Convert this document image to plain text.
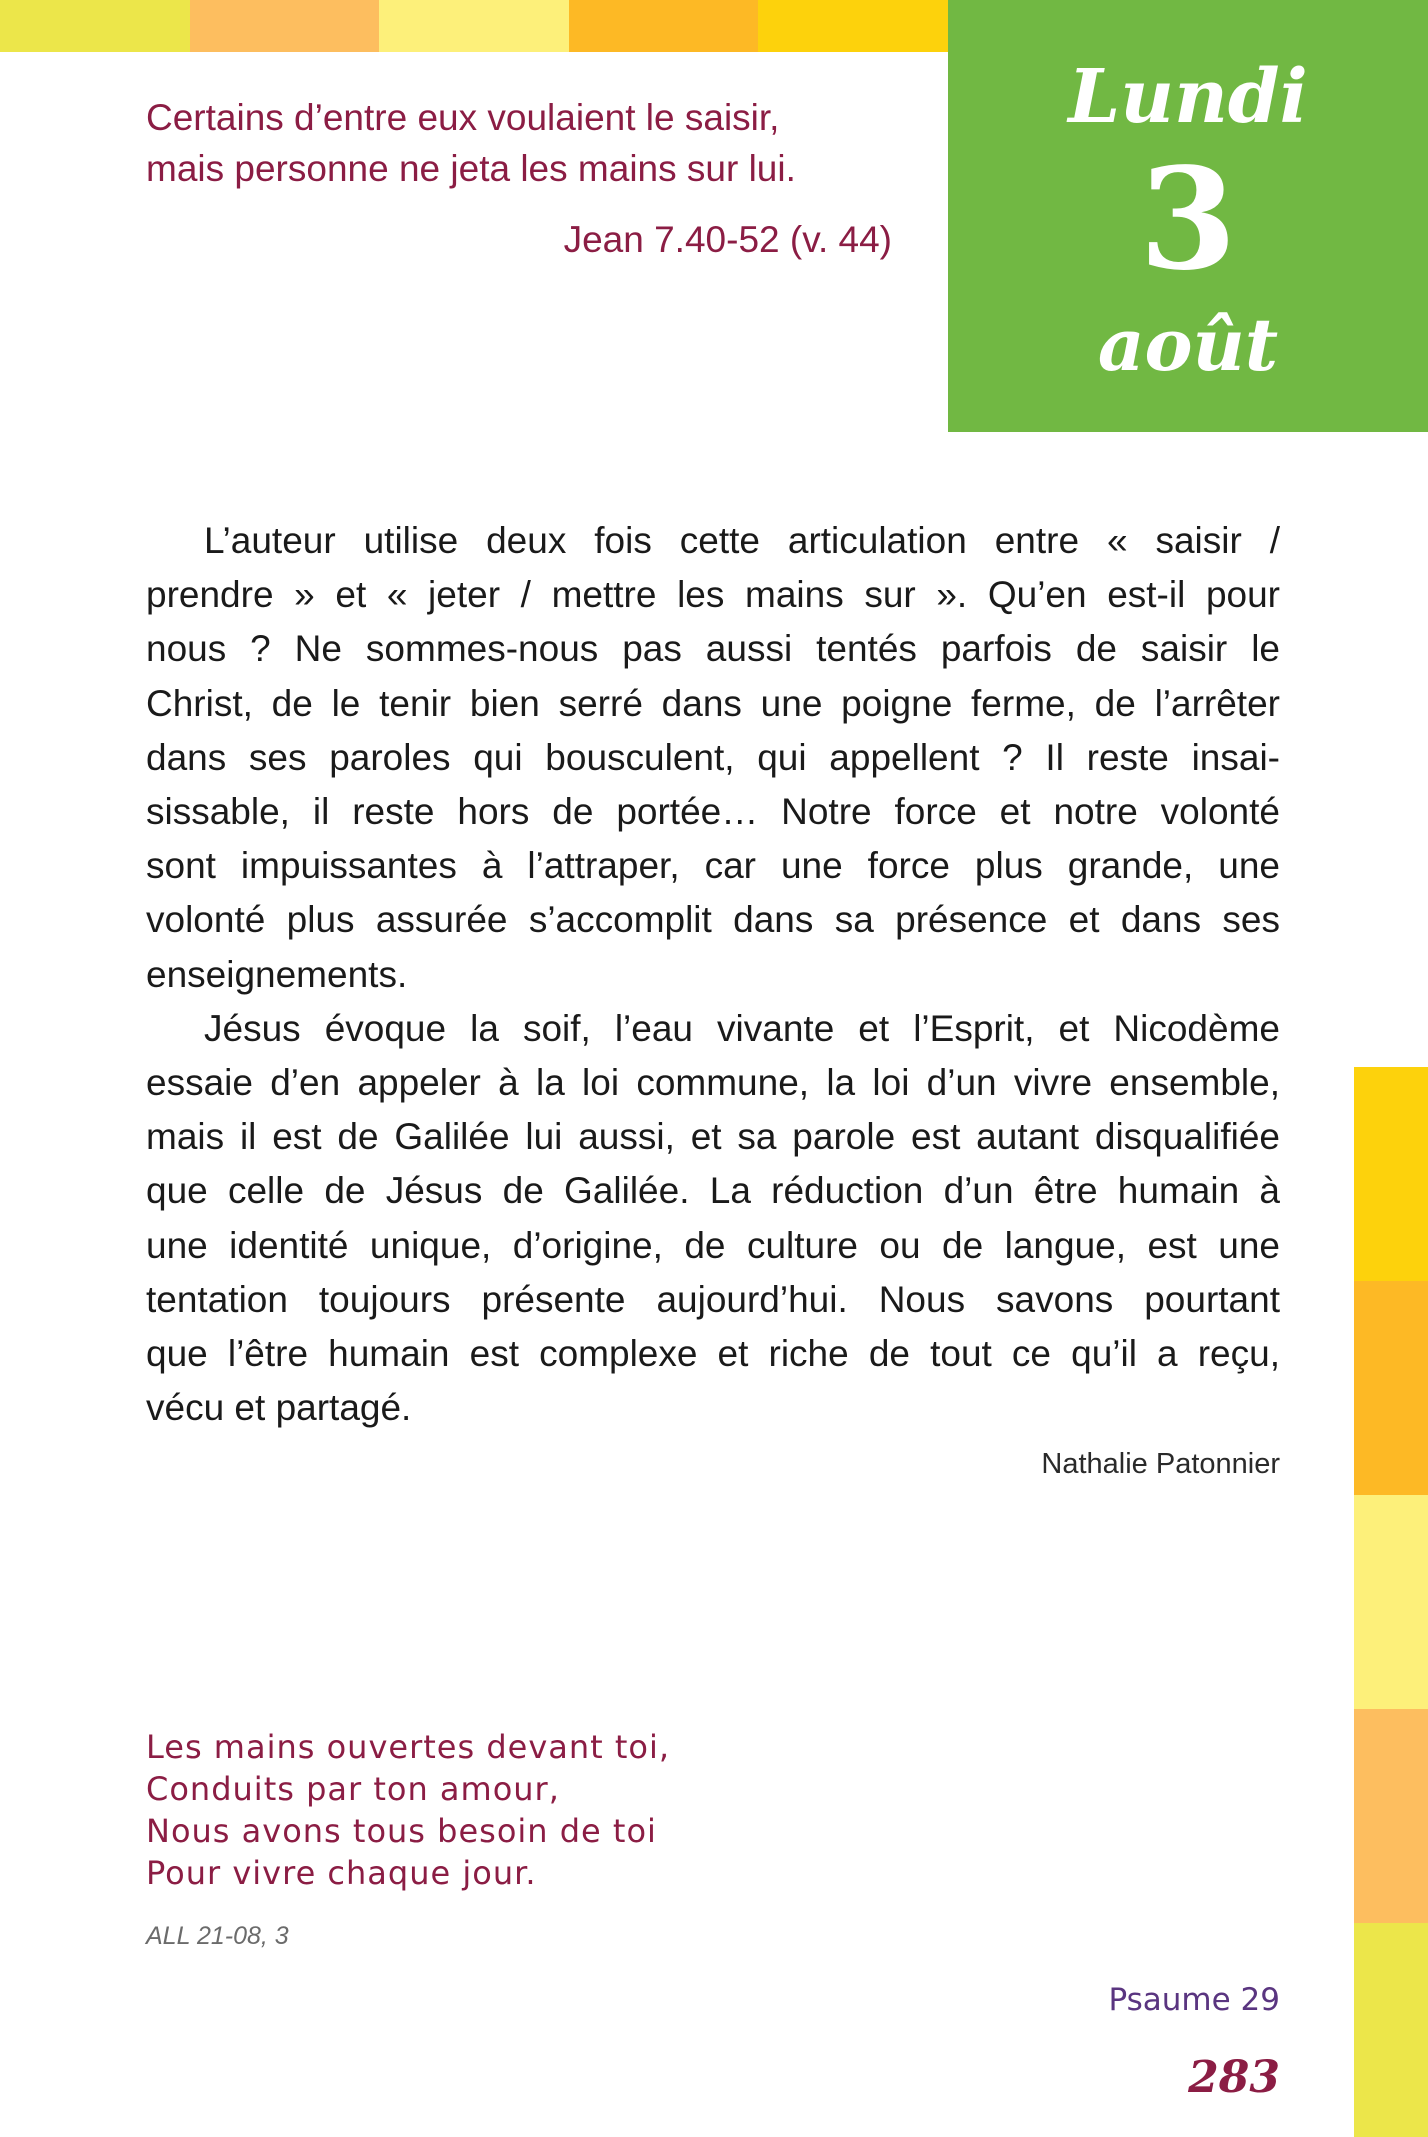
Lundi
3
août
Certains d’entre eux voulaient le saisir,
mais personne ne jeta les mains sur lui.
Jean 7.40-52 (v. 44)
L’auteur utilise deux fois cette articulation entre « saisir /
prendre » et « jeter / mettre les mains sur ». Qu’en est-il pour
nous ? Ne sommes-nous pas aussi tentés parfois de saisir le
Christ, de le tenir bien serré dans une poigne ferme, de l’arrêter
dans ses paroles qui bousculent, qui appellent ? Il reste insai-
sissable, il reste hors de portée… Notre force et notre volonté
sont impuissantes à l’attraper, car une force plus grande, une
volonté plus assurée s’accomplit dans sa présence et dans ses
enseignements.
Jésus évoque la soif, l’eau vivante et l’Esprit, et Nicodème
essaie d’en appeler à la loi commune, la loi d’un vivre ensemble,
mais il est de Galilée lui aussi, et sa parole est autant disqualifiée
que celle de Jésus de Galilée. La réduction d’un être humain à
une identité unique, d’origine, de culture ou de langue, est une
tentation toujours présente aujourd’hui. Nous savons pourtant
que l’être humain est complexe et riche de tout ce qu’il a reçu,
vécu et partagé.
Nathalie Patonnier
Les mains ouvertes devant toi,
Conduits par ton amour,
Nous avons tous besoin de toi
Pour vivre chaque jour.
ALL 21-08, 3
Psaume 29
283
